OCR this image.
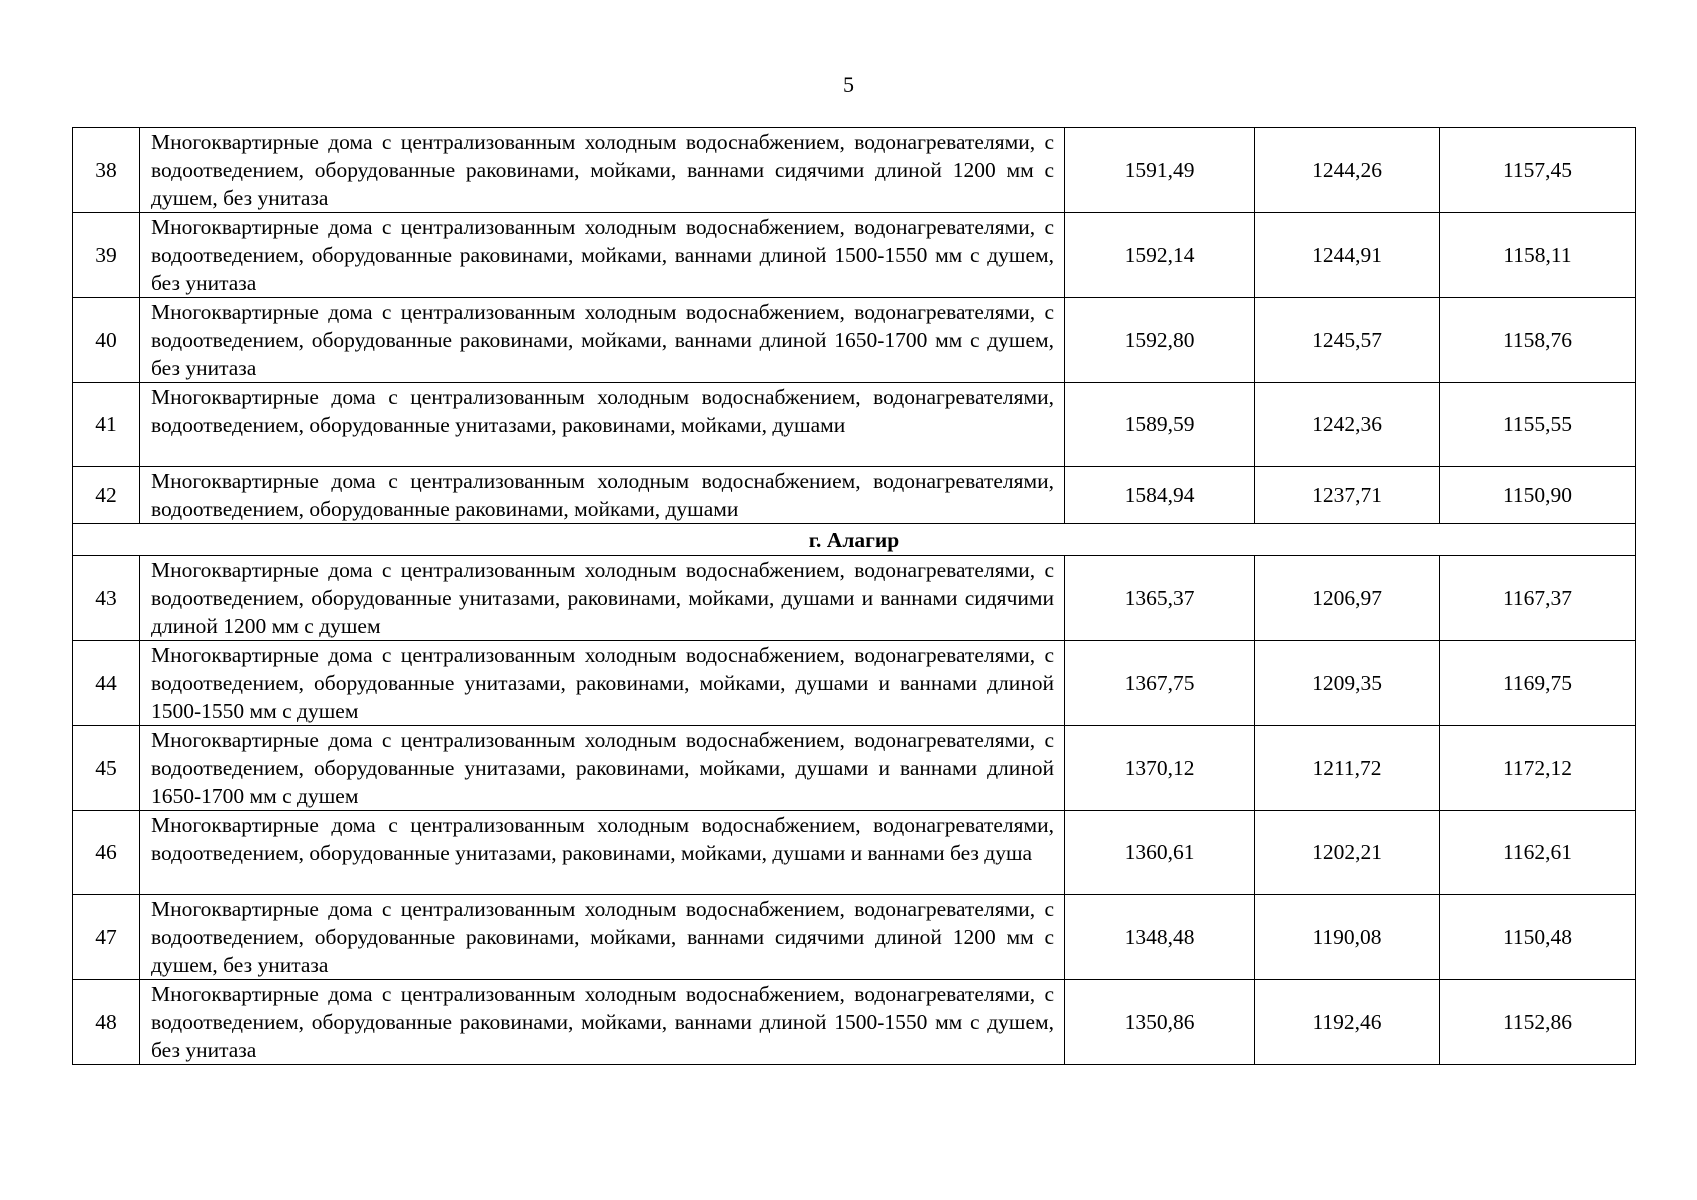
5
38	Многоквартирные дома с централизованным холодным водоснабжением, водонагревателями, с водоотведением, оборудованные раковинами, мойками, ваннами сидячими длиной 1200 мм с душем, без унитаза	1591,49	1244,26	1157,45
39	Многоквартирные дома с централизованным холодным водоснабжением, водонагревателями, с водоотведением, оборудованные раковинами, мойками, ваннами длиной 1500-1550 мм с душем, без унитаза	1592,14	1244,91	1158,11
40	Многоквартирные дома с централизованным холодным водоснабжением, водонагревателями, с водоотведением, оборудованные раковинами, мойками, ваннами длиной 1650-1700 мм с душем, без унитаза	1592,80	1245,57	1158,76
41	Многоквартирные дома с централизованным холодным водоснабжением, водонагревателями, водоотведением, оборудованные унитазами, раковинами, мойками, душами	1589,59	1242,36	1155,55
42	Многоквартирные дома с централизованным холодным водоснабжением, водонагревателями, водоотведением, оборудованные раковинами, мойками, душами	1584,94	1237,71	1150,90
г. Алагир				
43	Многоквартирные дома с централизованным холодным водоснабжением, водонагревателями, с водоотведением, оборудованные унитазами, раковинами, мойками, душами и ваннами сидячими длиной 1200 мм с душем	1365,37	1206,97	1167,37
44	Многоквартирные дома с централизованным холодным водоснабжением, водонагревателями, с водоотведением, оборудованные унитазами, раковинами, мойками, душами и ваннами длиной 1500-1550 мм с душем	1367,75	1209,35	1169,75
45	Многоквартирные дома с централизованным холодным водоснабжением, водонагревателями, с водоотведением, оборудованные унитазами, раковинами, мойками, душами и ваннами длиной 1650-1700 мм с душем	1370,12	1211,72	1172,12
46	Многоквартирные дома с централизованным холодным водоснабжением, водонагревателями, водоотведением, оборудованные унитазами, раковинами, мойками, душами и ваннами без душа	1360,61	1202,21	1162,61
47	Многоквартирные дома с централизованным холодным водоснабжением, водонагревателями, с водоотведением, оборудованные раковинами, мойками, ваннами сидячими длиной 1200 мм с душем, без унитаза	1348,48	1190,08	1150,48
48	Многоквартирные дома с централизованным холодным водоснабжением, водонагревателями, с водоотведением, оборудованные раковинами, мойками, ваннами длиной 1500-1550 мм с душем, без унитаза	1350,86	1192,46	1152,86
